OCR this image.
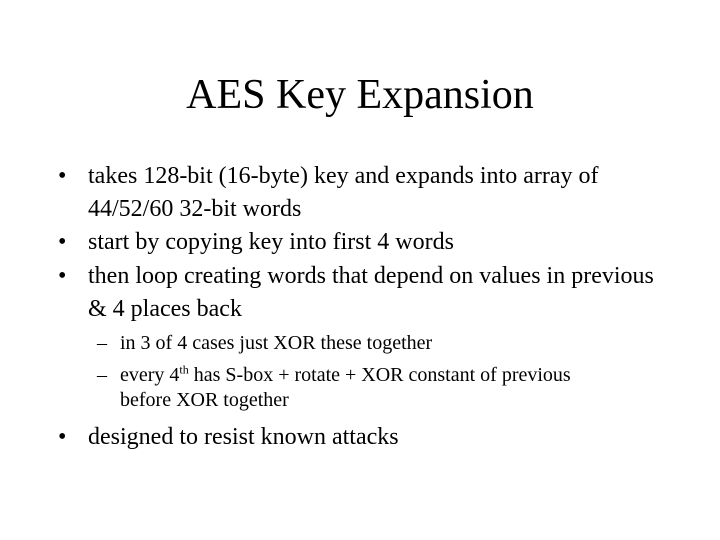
AES Key Expansion
• takes 128-bit (16-byte) key and expands into array of 44/52/60 32-bit words
• start by copying key into first 4 words
• then loop creating words that depend on values in previous & 4 places back
– in 3 of 4 cases just XOR these together
– every 4th has S-box + rotate + XOR constant of previous before XOR together
• designed to resist known attacks
